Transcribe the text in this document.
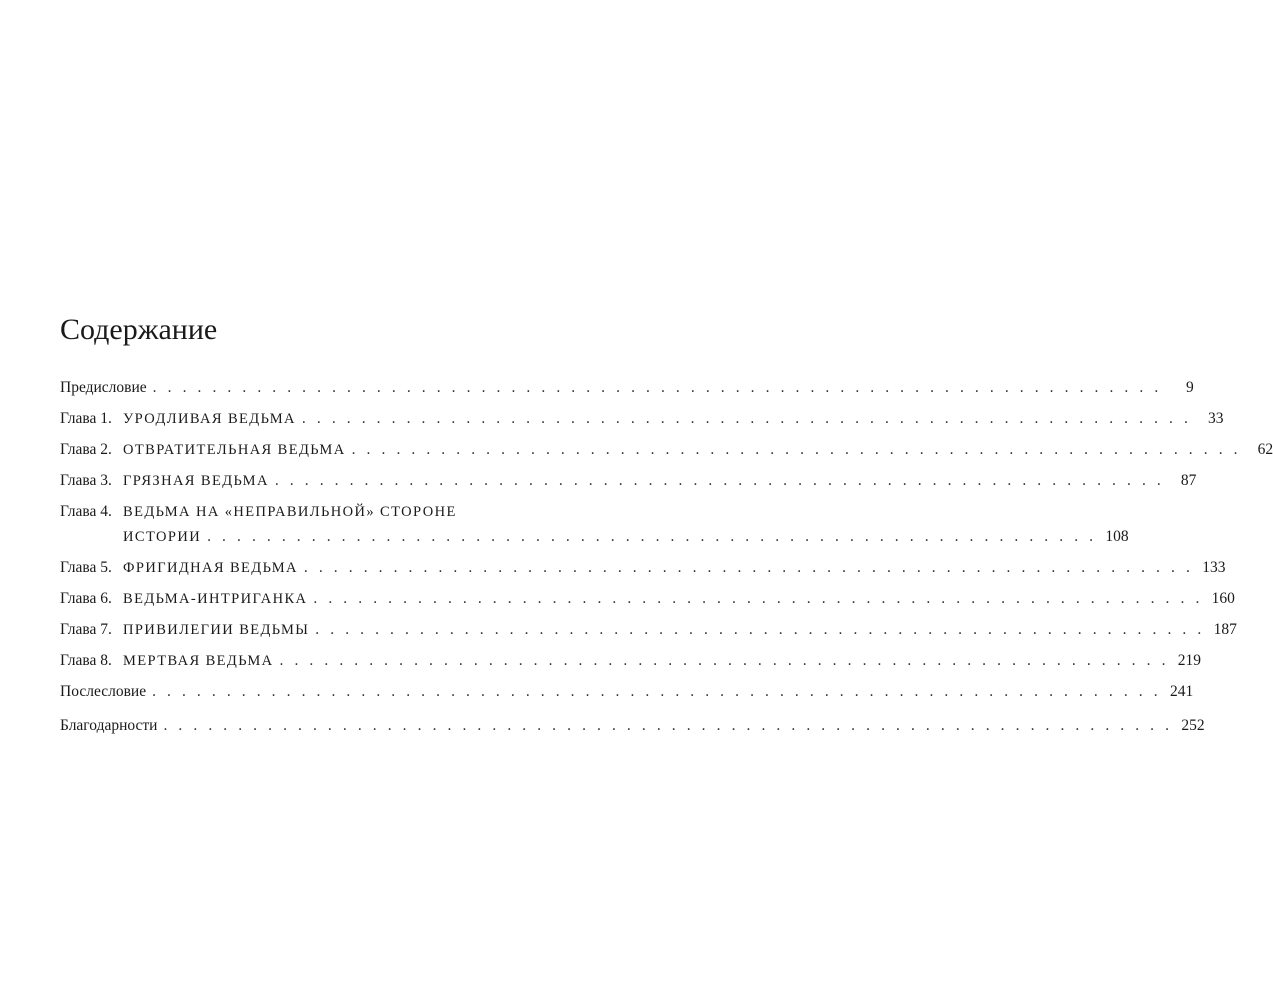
Содержание
Предисловие . . . . . . . . . . . . . . . . . . . . . . . . . . . . . . . . . . . . . . . . . . . . . . . . . . . . . . . . . . . . . . . . . . . .	9
Глава 1. УРОДЛИВАЯ ВЕДЬМА . . . . . . . . . . . . . . . . . . . . . . . . . . . . . . . . . . . . . . . . . . . . . . . . . . . . . . . . . . . .	33
Глава 2. ОТВРАТИТЕЛЬНАЯ ВЕДЬМА . . . . . . . . . . . . . . . . . . . . . . . . . . . . . . . . . . . . . . . . . . . . . . . . . . . . . . . . . . . .	62
Глава 3. ГРЯЗНАЯ ВЕДЬМА . . . . . . . . . . . . . . . . . . . . . . . . . . . . . . . . . . . . . . . . . . . . . . . . . . . . . . . . . . . .	87
Глава 4. ВЕДЬМА НА «НЕПРАВИЛЬНОЙ» СТОРОНЕ
ИСТОРИИ . . . . . . . . . . . . . . . . . . . . . . . . . . . . . . . . . . . . . . . . . . . . . . . . . . . . . . . . . . . . 108
Глава 5. ФРИГИДНАЯ ВЕДЬМА . . . . . . . . . . . . . . . . . . . . . . . . . . . . . . . . . . . . . . . . . . . . . . . . . . . . . . . . . . . . 133
Глава 6. ВЕДЬМА-ИНТРИГАНКА . . . . . . . . . . . . . . . . . . . . . . . . . . . . . . . . . . . . . . . . . . . . . . . . . . . . . . . . . . . . 160
Глава 7. ПРИВИЛЕГИИ ВЕДЬМЫ . . . . . . . . . . . . . . . . . . . . . . . . . . . . . . . . . . . . . . . . . . . . . . . . . . . . . . . . . . . . 187
Глава 8. МЕРТВАЯ ВЕДЬМА . . . . . . . . . . . . . . . . . . . . . . . . . . . . . . . . . . . . . . . . . . . . . . . . . . . . . . . . . . . . 219
Послесловие . . . . . . . . . . . . . . . . . . . . . . . . . . . . . . . . . . . . . . . . . . . . . . . . . . . . . . . . . . . . . . . . . . . . 241
Благодарности . . . . . . . . . . . . . . . . . . . . . . . . . . . . . . . . . . . . . . . . . . . . . . . . . . . . . . . . . . . . . . . . . . . . 252
